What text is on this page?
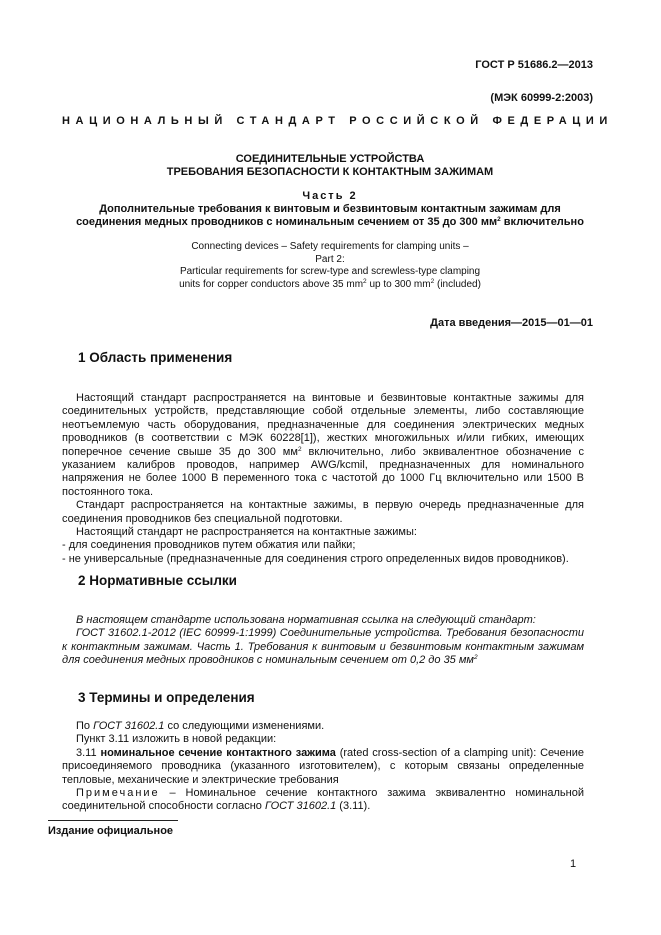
ГОСТ Р 51686.2—2013
(МЭК 60999-2:2003)
НАЦИОНАЛЬНЫЙ СТАНДАРТ РОССИЙСКОЙ ФЕДЕРАЦИИ
СОЕДИНИТЕЛЬНЫЕ УСТРОЙСТВА
ТРЕБОВАНИЯ БЕЗОПАСНОСТИ К КОНТАКТНЫМ ЗАЖИМАМ
Часть 2
Дополнительные требования к винтовым и безвинтовым контактным зажимам для
соединения медных проводников с номинальным сечением от 35 до 300 $мм^2$ включительно
Connecting devices – Safety requirements for clamping units –
Part 2:
Particular requirements for screw-type and screwless-type clamping
units for copper conductors above 35 $mm^2$ up to 300 $mm^2$ (included)
Дата введения—2015—01—01
1 Область применения
Настоящий стандарт распространяется на винтовые и безвинтовые контактные зажимы для соединительных устройств, представляющие собой отдельные элементы, либо составляющие неотъемлемую часть оборудования, предназначенные для соединения электрических медных проводников (в соответствии с МЭК 60228[1]), жестких многожильных и/или гибких, имеющих поперечное сечение свыше 35 до 300 $мм^2$ включительно, либо эквивалентное обозначение с указанием калибров проводов, например AWG/kcmil, предназначенных для номинального напряжения не более 1000 В переменного тока с частотой до 1000 Гц включительно или 1500 В постоянного тока.
Стандарт распространяется на контактные зажимы, в первую очередь предназначенные для соединения проводников без специальной подготовки.
Настоящий стандарт не распространяется на контактные зажимы:
- для соединения проводников путем обжатия или пайки;
- не универсальные (предназначенные для соединения строго определенных видов проводников).
2 Нормативные ссылки
В настоящем стандарте использована нормативная ссылка на следующий стандарт:
ГОСТ 31602.1-2012 (IEC 60999-1:1999) Соединительные устройства. Требования безопасности к контактным зажимам. Часть 1. Требования к винтовым и безвинтовым контактным зажимам для соединения медных проводников с номинальным сечением от 0,2 до 35 $мм^2$
3 Термины и определения
По ГОСТ 31602.1 со следующими изменениями.
Пункт 3.11 изложить в новой редакции:
3.11 номинальное сечение контактного зажима (rated cross-section of a clamping unit): Сечение присоединяемого проводника (указанного изготовителем), с которым связаны определенные тепловые, механические и электрические требования
Примечание – Номинальное сечение контактного зажима эквивалентно номинальной соединительной способности согласно ГОСТ 31602.1 (3.11).
Издание официальное
1
